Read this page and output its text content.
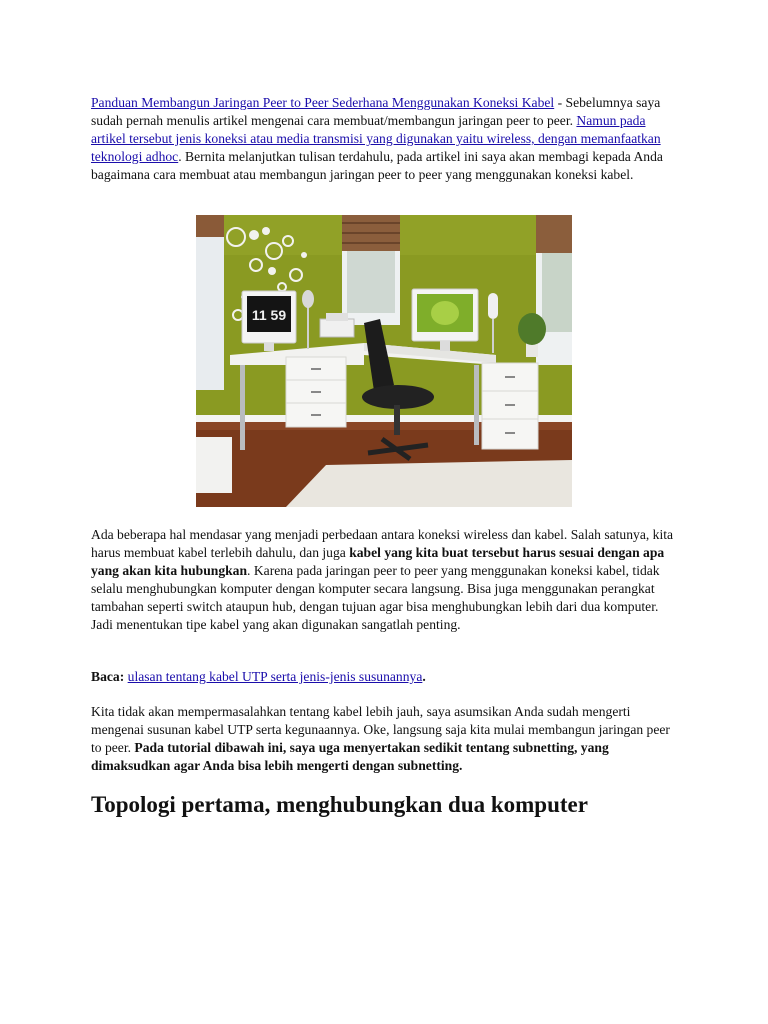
Panduan Membangun Jaringan Peer to Peer Sederhana Menggunakan Koneksi Kabel - Sebelumnya saya sudah pernah menulis artikel mengenai cara membuat/membangun jaringan peer to peer. Namun pada artikel tersebut jenis koneksi atau media transmisi yang digunakan yaitu wireless, dengan memanfaatkan teknologi adhoc. Bernita melanjutkan tulisan terdahulu, pada artikel ini saya akan membagi kepada Anda bagaimana cara membuat atau membangun jaringan peer to peer yang menggunakan koneksi kabel.

11 59

Ada beberapa hal mendasar yang menjadi perbedaan antara koneksi wireless dan kabel. Salah satunya, kita harus membuat kabel terlebih dahulu, dan juga kabel yang kita buat tersebut harus sesuai dengan apa yang akan kita hubungkan. Karena pada jaringan peer to peer yang menggunakan koneksi kabel, tidak selalu menghubungkan komputer dengan komputer secara langsung. Bisa juga menggunakan perangkat tambahan seperti switch ataupun hub, dengan tujuan agar bisa menghubungkan lebih dari dua komputer. Jadi menentukan tipe kabel yang akan digunakan sangatlah penting.

Baca: ulasan tentang kabel UTP serta jenis-jenis susunannya.

Kita tidak akan mempermasalahkan tentang kabel lebih jauh, saya asumsikan Anda sudah mengerti mengenai susunan kabel UTP serta kegunaannya. Oke, langsung saja kita mulai membangun jaringan peer to peer. Pada tutorial dibawah ini, saya uga menyertakan sedikit tentang subnetting, yang dimaksudkan agar Anda bisa lebih mengerti dengan subnetting.

Topologi pertama, menghubungkan dua komputer
